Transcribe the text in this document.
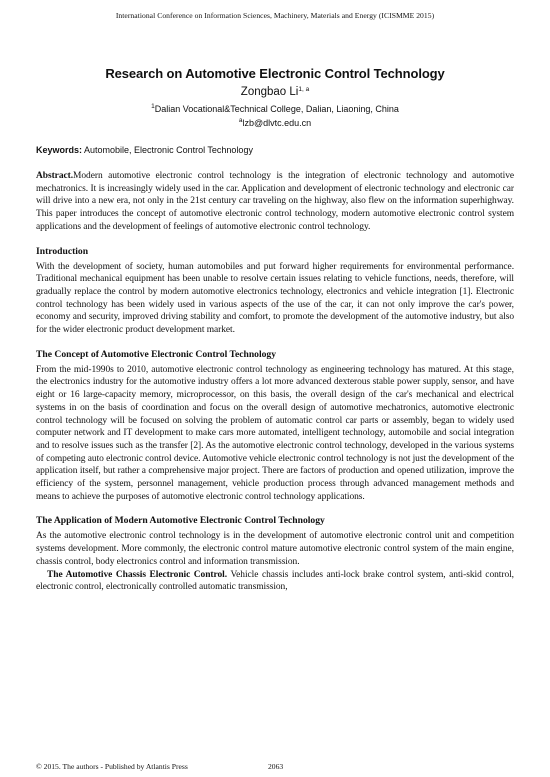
International Conference on Information Sciences, Machinery, Materials and Energy (ICISMME 2015)
Research on Automotive Electronic Control Technology
Zongbao Li$^{1, a}$
$^1$Dalian Vocational&Technical College, Dalian, Liaoning, China
$^a$lzb@dlvtc.edu.cn
Keywords: Automobile, Electronic Control Technology

Abstract.Modern automotive electronic control technology is the integration of electronic technology and automotive mechatronics. It is increasingly widely used in the car. Application and development of electronic technology and electronic car will drive into a new era, not only in the 21st century car traveling on the highway, also flew on the information superhighway. This paper introduces the concept of automotive electronic control technology, modern automotive electronic control system applications and the development of feelings of automotive electronic control technology.

Introduction

With the development of society, human automobiles and put forward higher requirements for environmental performance. Traditional mechanical equipment has been unable to resolve certain issues relating to vehicle functions, needs, therefore, will gradually replace the control by modern automotive electronics technology, electronics and vehicle integration [1]. Electronic control technology has been widely used in various aspects of the use of the car, it can not only improve the car's power, economy and security, improved driving stability and comfort, to promote the development of the automotive industry, but also for the wider electronic product development market.

The Concept of Automotive Electronic Control Technology

From the mid-1990s to 2010, automotive electronic control technology as engineering technology has matured. At this stage, the electronics industry for the automotive industry offers a lot more advanced dexterous stable power supply, sensor, and have eight or 16 large-capacity memory, microprocessor, on this basis, the overall design of the car's mechanical and electrical systems in on the basis of coordination and focus on the overall design of automotive mechatronics, automotive electronic control technology will be focused on solving the problem of automatic control car parts or assembly, began to widely used computer network and IT development to make cars more automated, intelligent technology, automobile and social integration and to resolve issues such as the transfer [2]. As the automotive electronic control technology, developed in the various systems of competing auto electronic control device. Automotive vehicle electronic control technology is not just the development of the application itself, but rather a comprehensive major project. There are factors of production and opened utilization, improve the efficiency of the system, personnel management, vehicle production process through advanced management methods and means to achieve the purposes of automotive electronic control technology applications.

The Application of Modern Automotive Electronic Control Technology

As the automotive electronic control technology is in the development of automotive electronic control unit and competition systems development. More commonly, the electronic control mature automotive electronic control system of the main engine, chassis control, body electronics control and information transmission.

The Automotive Chassis Electronic Control. Vehicle chassis includes anti-lock brake control system, anti-skid control, electronic control, electronically controlled automatic transmission,

© 2015. The authors - Published by Atlantis Press	2063
